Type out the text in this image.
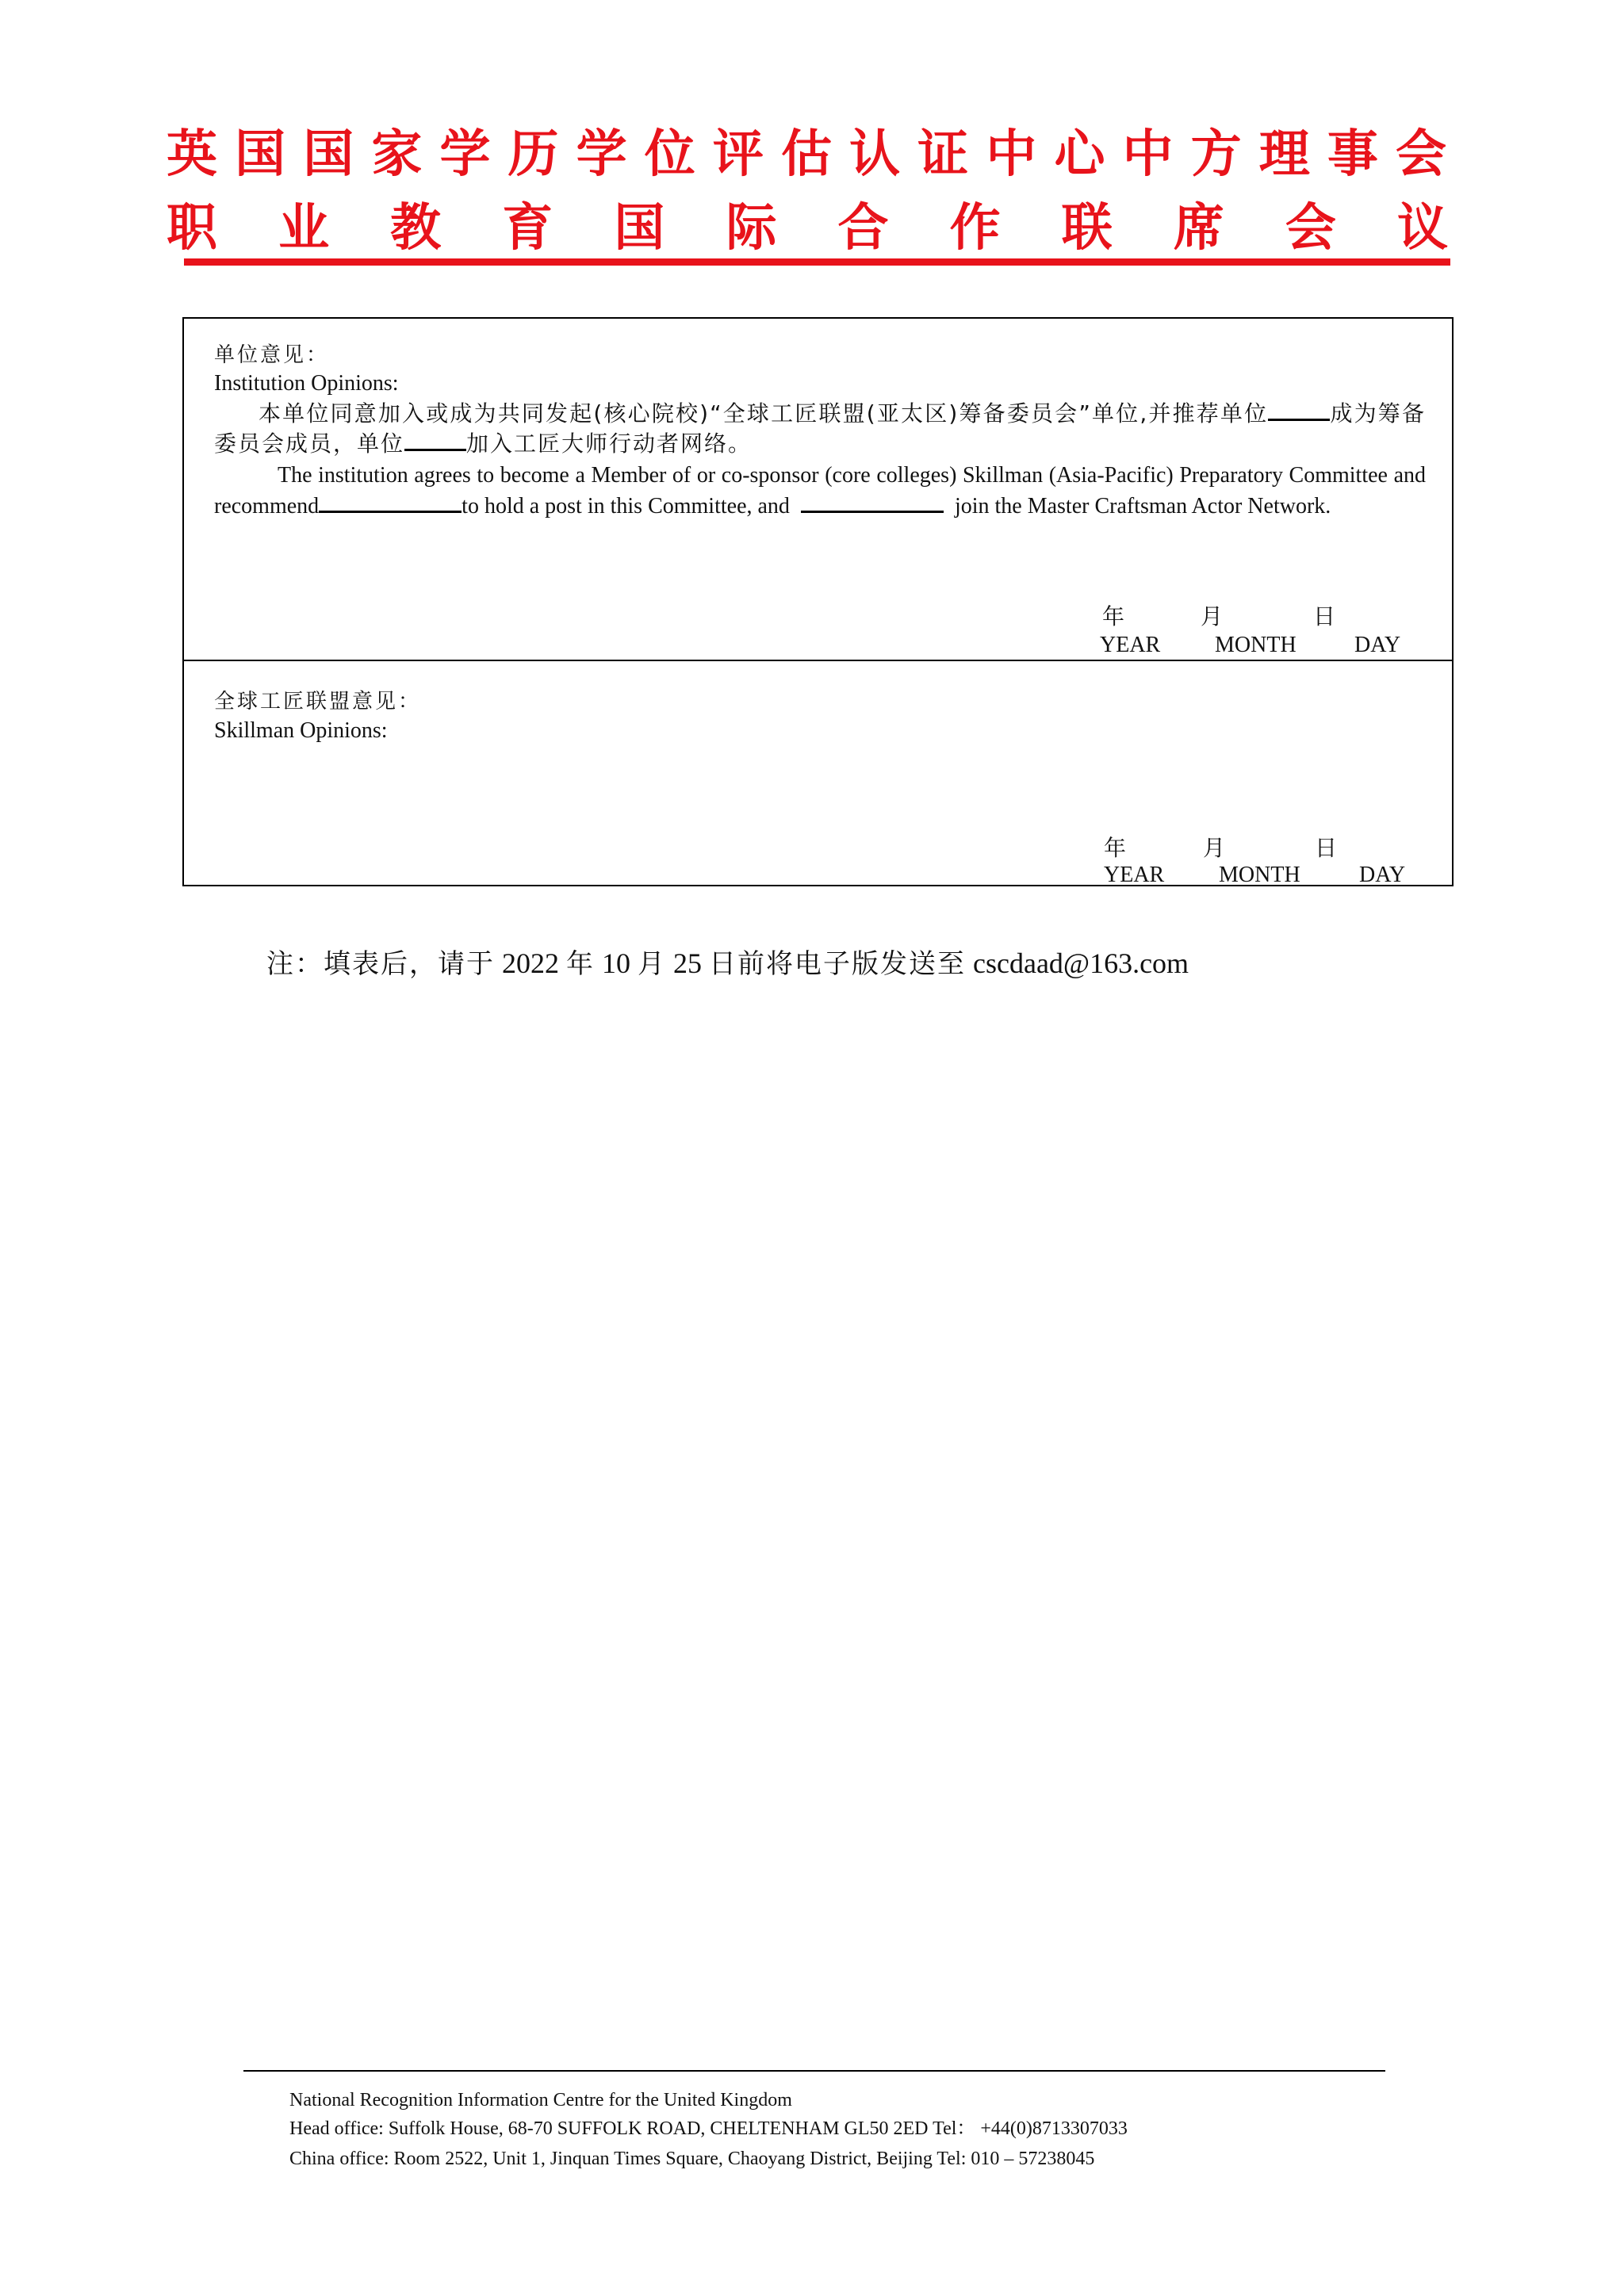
英国国家学历学位评估认证中心中方理事会
职 业 教 育 国 际 合 作 联 席 会 议
单位意见：
Institution Opinions:
本单位同意加入或成为共同发起(核心院校)“全球工匠联盟(亚太区)筹备委员会”单位,并推荐单位	成为筹备委员会成员，单位	加入工匠大师行动者网络。
The institution agrees to become a Member of or co-sponsor (core colleges) Skillman (Asia-Pacific) Preparatory Committee and recommend	to hold a post in this Committee, and	join the Master Craftsman Actor Network.
年	月	日
YEAR MONTH	DAY
全球工匠联盟意见：
Skillman Opinions:
年	月	日
YEAR MONTH	DAY
注：填表后，请于 2022 年 10 月 25 日前将电子版发送至 cscdaad@163.com
National Recognition Information Centre for the United Kingdom
Head office: Suffolk House, 68-70 SUFFOLK ROAD, CHELTENHAM GL50 2ED Tel： +44(0)8713307033
China office: Room 2522, Unit 1, Jinquan Times Square, Chaoyang District, Beijing Tel: 010 – 57238045
